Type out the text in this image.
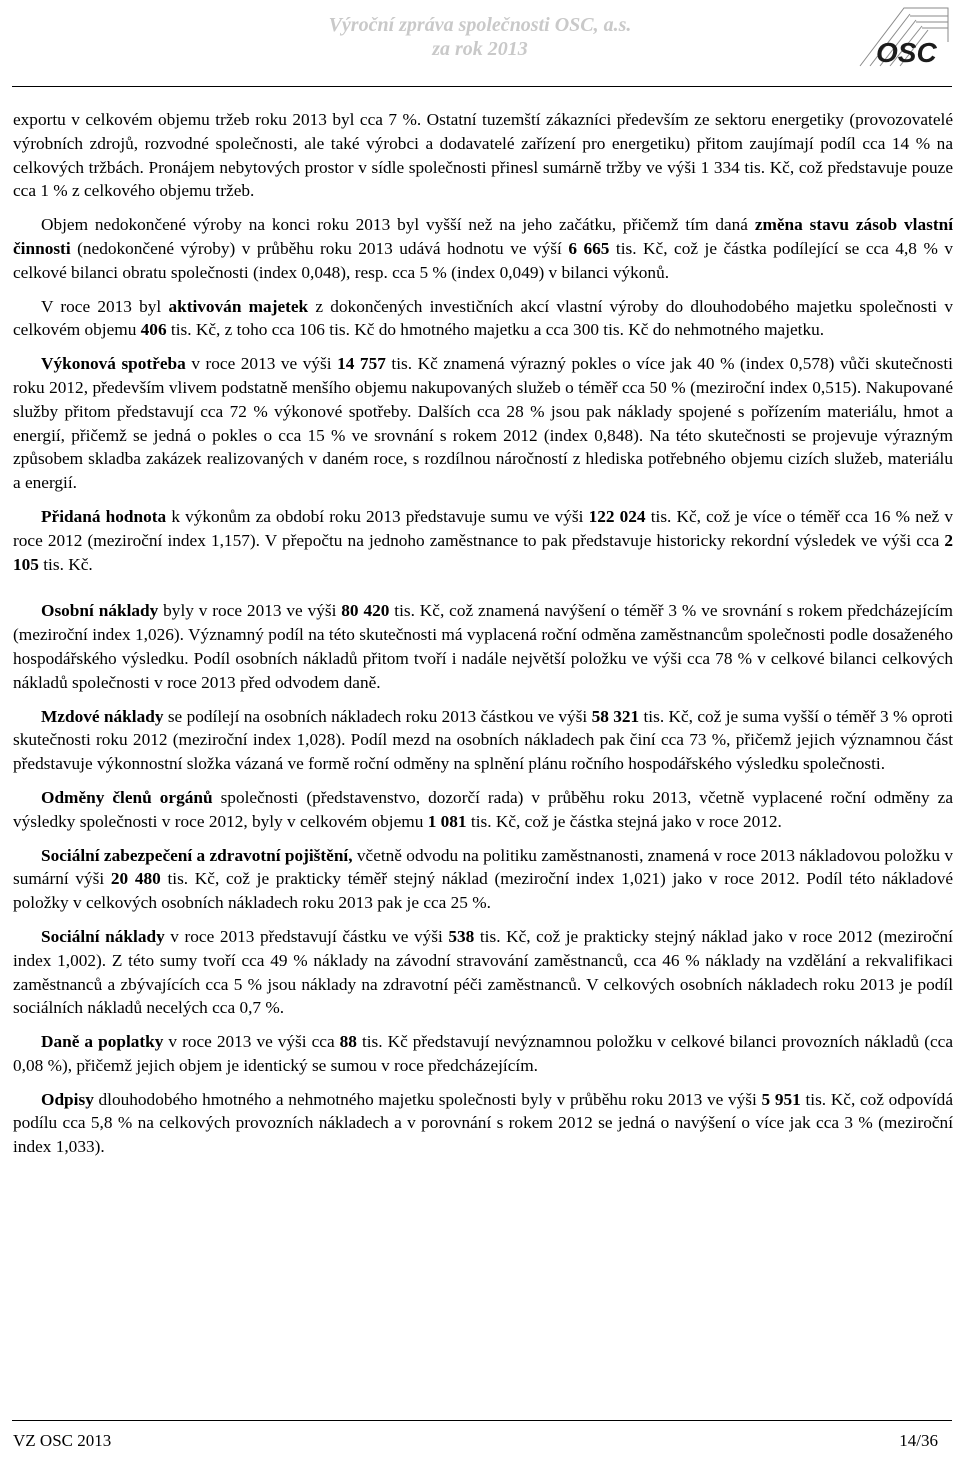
Výroční zpráva společnosti OSC, a.s.
za rok 2013	OSC

exportu v celkovém objemu tržeb roku 2013 byl cca 7 %. Ostatní tuzemští zákazníci především ze sektoru energetiky (provozovatelé výrobních zdrojů, rozvodné společnosti, ale také výrobci a dodavatelé zařízení pro energetiku) přitom zaujímají podíl cca 14 % na celkových tržbách. Pronájem nebytových prostor v sídle společnosti přinesl sumárně tržby ve výši 1 334 tis. Kč, což představuje pouze cca 1 % z celkového objemu tržeb.

Objem nedokončené výroby na konci roku 2013 byl vyšší než na jeho začátku, přičemž tím daná změna stavu zásob vlastní činnosti (nedokončené výroby) v průběhu roku 2013 udává hodnotu ve výší 6 665 tis. Kč, což je částka podílející se cca 4,8 % v celkové bilanci obratu společnosti (index 0,048), resp. cca 5 % (index 0,049) v bilanci výkonů.

V roce 2013 byl aktivován majetek z dokončených investičních akcí vlastní výroby do dlouhodobého majetku společnosti v celkovém objemu 406 tis. Kč, z toho cca 106 tis. Kč do hmotného majetku a cca 300 tis. Kč do nehmotného majetku.

Výkonová spotřeba v roce 2013 ve výši 14 757 tis. Kč znamená výrazný pokles o více jak 40 % (index 0,578) vůči skutečnosti roku 2012, především vlivem podstatně menšího objemu nakupovaných služeb o téměř cca 50 % (meziroční index 0,515). Nakupované služby přitom představují cca 72 % výkonové spotřeby. Dalších cca 28 % jsou pak náklady spojené s pořízením materiálu, hmot a energií, přičemž se jedná o pokles o cca 15 % ve srovnání s rokem 2012 (index 0,848). Na této skutečnosti se projevuje výrazným způsobem skladba zakázek realizovaných v daném roce, s rozdílnou náročností z hlediska potřebného objemu cizích služeb, materiálu a energií.

Přidaná hodnota k výkonům za období roku 2013 představuje sumu ve výši 122 024 tis. Kč, což je více o téměř cca 16 % než v roce 2012 (meziroční index 1,157). V přepočtu na jednoho zaměstnance to pak představuje historicky rekordní výsledek ve výši cca 2 105 tis. Kč.

Osobní náklady byly v roce 2013 ve výši 80 420 tis. Kč, což znamená navýšení o téměř 3 % ve srovnání s rokem předcházejícím (meziroční index 1,026). Významný podíl na této skutečnosti má vyplacená roční odměna zaměstnancům společnosti podle dosaženého hospodářského výsledku. Podíl osobních nákladů přitom tvoří i nadále největší položku ve výši cca 78 % v celkové bilanci celkových nákladů společnosti v roce 2013 před odvodem daně.

Mzdové náklady se podílejí na osobních nákladech roku 2013 částkou ve výši 58 321 tis. Kč, což je suma vyšší o téměř 3 % oproti skutečnosti roku 2012 (meziroční index 1,028). Podíl mezd na osobních nákladech pak činí cca 73 %, přičemž jejich významnou část představuje výkonnostní složka vázaná ve formě roční odměny na splnění plánu ročního hospodářského výsledku společnosti.

Odměny členů orgánů společnosti (představenstvo, dozorčí rada) v průběhu roku 2013, včetně vyplacené roční odměny za výsledky společnosti v roce 2012, byly v celkovém objemu 1 081 tis. Kč, což je částka stejná jako v roce 2012.

Sociální zabezpečení a zdravotní pojištění, včetně odvodu na politiku zaměstnanosti, znamená v roce 2013 nákladovou položku v sumární výši 20 480 tis. Kč, což je prakticky téměř stejný náklad (meziroční index 1,021) jako v roce 2012. Podíl této nákladové položky v celkových osobních nákladech roku 2013 pak je cca 25 %.

Sociální náklady v roce 2013 představují částku ve výši 538 tis. Kč, což je prakticky stejný náklad jako v roce 2012 (meziroční index 1,002). Z této sumy tvoří cca 49 % náklady na závodní stravování zaměstnanců, cca 46 % náklady na vzdělání a rekvalifikaci zaměstnanců a zbývajících cca 5 % jsou náklady na zdravotní péči zaměstnanců. V celkových osobních nákladech roku 2013 je podíl sociálních nákladů necelých cca 0,7 %.

Daně a poplatky v roce 2013 ve výši cca 88 tis. Kč představují nevýznamnou položku v celkové bilanci provozních nákladů (cca 0,08 %), přičemž jejich objem je identický se sumou v roce předcházejícím.

Odpisy dlouhodobého hmotného a nehmotného majetku společnosti byly v průběhu roku 2013 ve výši 5 951 tis. Kč, což odpovídá podílu cca 5,8 % na celkových provozních nákladech a v porovnání s rokem 2012 se jedná o navýšení o více jak cca 3 % (meziroční index 1,033).

VZ OSC 2013	14/36
